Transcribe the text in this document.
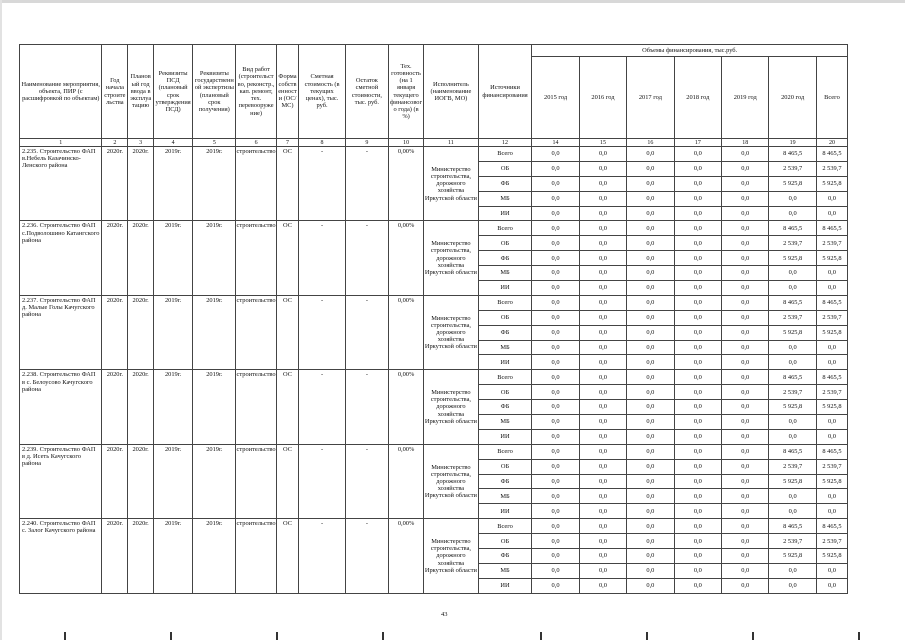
Наименование мероприятия, объекта, ПИР (с расшифровкой по объектам)	Год начала строительства	Плановый год ввода в эксплуатацию	Реквизиты ПСД (плановый срок утверждения ПСД)	Реквизиты государственной экспертизы (плановый срок получения)	Вид работ (строительство, реконстр., кап. ремонт, тех. перевооружение)	Форма собственности (ОС/МС)	Сметная стоимость (в текущих ценах), тыс. руб.	Остаток сметной стоимости, тыс. руб.	Тех. готовность (на 1 января текущего финансового года) (в %)	Исполнитель (наименование ИОГВ, МО)	Источники финансирования	Объемы финансирования, тыс.руб.						
												2015 год	2016 год	2017 год	2018 год	2019 год	2020 год	Всего
1	2	3	4	5	6	7	8	9	10	11	12	14	15	16	17	18	19	20
2.235. Строительство ФАП в.Небель Казачинско-Ленского района	2020г.	2020г.	2019г.	2019г.	строительство	ОС	-	-	0,00%	Министерство строительства, дорожного хозяйства Иркутской области	Всего	0,0	0,0	0,0	0,0	0,0	8 465,5	8 465,5
											ОБ	0,0	0,0	0,0	0,0	0,0	2 539,7	2 539,7
											ФБ	0,0	0,0	0,0	0,0	0,0	5 925,8	5 925,8
											МБ	0,0	0,0	0,0	0,0	0,0	0,0	0,0
											ИИ	0,0	0,0	0,0	0,0	0,0	0,0	0,0
2.236. Строительство ФАП с.Подволошино Катангского района	2020г.	2020г.	2019г.	2019г.	строительство	ОС	-	-	0,00%	Министерство строительства, дорожного хозяйства Иркутской области	Всего	0,0	0,0	0,0	0,0	0,0	8 465,5	8 465,5
											ОБ	0,0	0,0	0,0	0,0	0,0	2 539,7	2 539,7
											ФБ	0,0	0,0	0,0	0,0	0,0	5 925,8	5 925,8
											МБ	0,0	0,0	0,0	0,0	0,0	0,0	0,0
											ИИ	0,0	0,0	0,0	0,0	0,0	0,0	0,0
2.237. Строительство ФАП д. Малые Голы Качугского района	2020г.	2020г.	2019г.	2019г.	строительство	ОС	-	-	0,00%	Министерство строительства, дорожного хозяйства Иркутской области	Всего	0,0	0,0	0,0	0,0	0,0	8 465,5	8 465,5
											ОБ	0,0	0,0	0,0	0,0	0,0	2 539,7	2 539,7
											ФБ	0,0	0,0	0,0	0,0	0,0	5 925,8	5 925,8
											МБ	0,0	0,0	0,0	0,0	0,0	0,0	0,0
											ИИ	0,0	0,0	0,0	0,0	0,0	0,0	0,0
2.238. Строительство ФАП в с. Белоусово Качугского района	2020г.	2020г.	2019г.	2019г.	строительство	ОС	-	-	0,00%	Министерство строительства, дорожного хозяйства Иркутской области	Всего	0,0	0,0	0,0	0,0	0,0	8 465,5	8 465,5
											ОБ	0,0	0,0	0,0	0,0	0,0	2 539,7	2 539,7
											ФБ	0,0	0,0	0,0	0,0	0,0	5 925,8	5 925,8
											МБ	0,0	0,0	0,0	0,0	0,0	0,0	0,0
											ИИ	0,0	0,0	0,0	0,0	0,0	0,0	0,0
2.239. Строительство ФАП в д. Исеть Качугского района	2020г.	2020г.	2019г.	2019г.	строительство	ОС	-	-	0,00%	Министерство строительства, дорожного хозяйства Иркутской области	Всего	0,0	0,0	0,0	0,0	0,0	8 465,5	8 465,5
											ОБ	0,0	0,0	0,0	0,0	0,0	2 539,7	2 539,7
											ФБ	0,0	0,0	0,0	0,0	0,0	5 925,8	5 925,8
											МБ	0,0	0,0	0,0	0,0	0,0	0,0	0,0
											ИИ	0,0	0,0	0,0	0,0	0,0	0,0	0,0
2.240. Строительство ФАП с. Залог Качугского района	2020г.	2020г.	2019г.	2019г.	строительство	ОС	-	-	0,00%	Министерство строительства, дорожного хозяйства Иркутской области	Всего	0,0	0,0	0,0	0,0	0,0	8 465,5	8 465,5
											ОБ	0,0	0,0	0,0	0,0	0,0	2 539,7	2 539,7
											ФБ	0,0	0,0	0,0	0,0	0,0	5 925,8	5 925,8
											МБ	0,0	0,0	0,0	0,0	0,0	0,0	0,0
											ИИ	0,0	0,0	0,0	0,0	0,0	0,0	0,0
43
